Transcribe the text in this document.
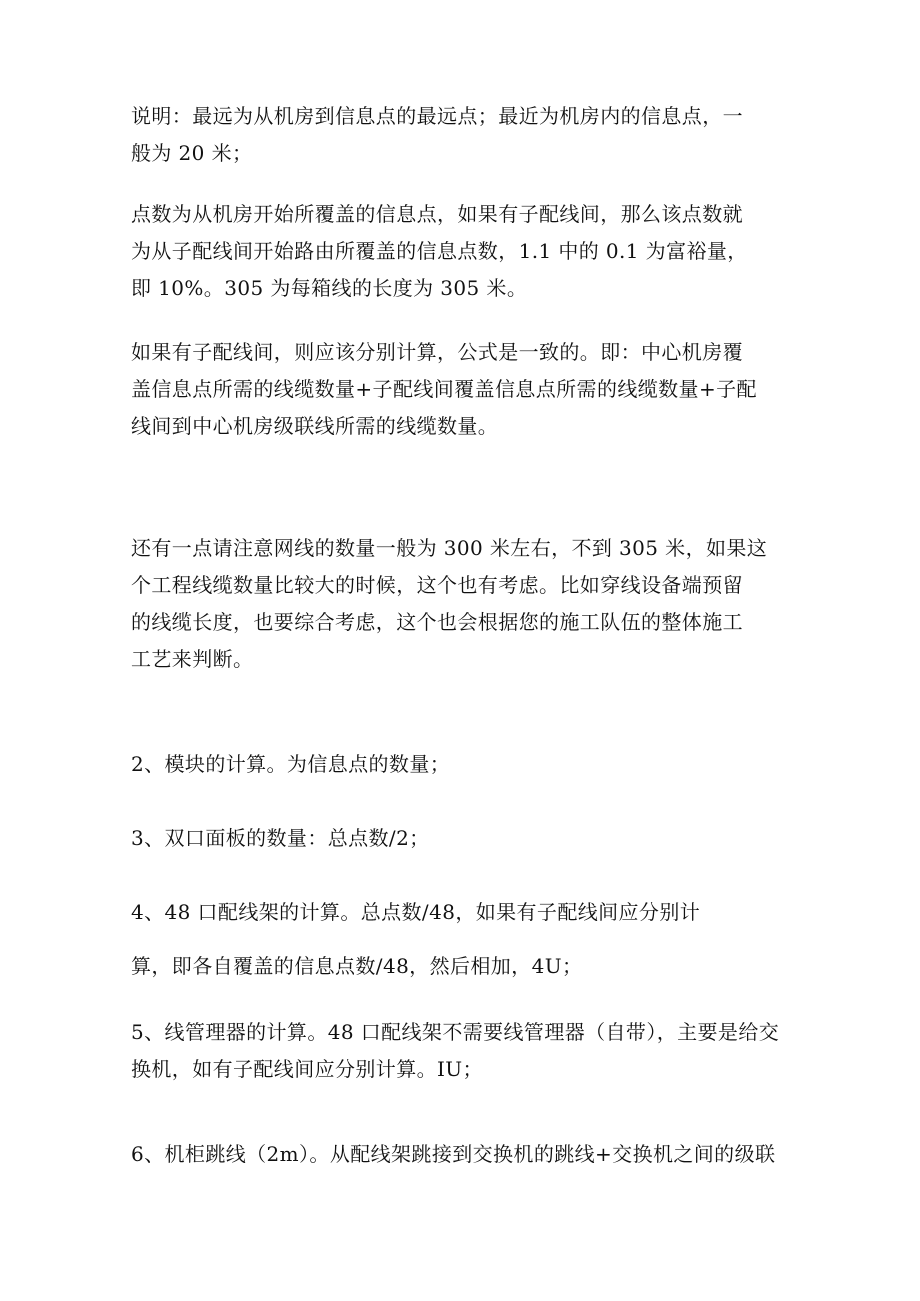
说明：最远为从机房到信息点的最远点；最近为机房内的信息点，一
般为 20 米；

点数为从机房开始所覆盖的信息点，如果有子配线间，那么该点数就
为从子配线间开始路由所覆盖的信息点数，1.1 中的 0.1 为富裕量，
即 10%。305 为每箱线的长度为 305 米。

如果有子配线间，则应该分别计算，公式是一致的。即：中心机房覆
盖信息点所需的线缆数量+子配线间覆盖信息点所需的线缆数量+子配
线间到中心机房级联线所需的线缆数量。

还有一点请注意网线的数量一般为 300 米左右，不到 305 米，如果这
个工程线缆数量比较大的时候，这个也有考虑。比如穿线设备端预留
的线缆长度，也要综合考虑，这个也会根据您的施工队伍的整体施工
工艺来判断。

2、模块的计算。为信息点的数量；

3、双口面板的数量：总点数/2；

4、48 口配线架的计算。总点数/48，如果有子配线间应分别计

算，即各自覆盖的信息点数/48，然后相加，4U；

5、线管理器的计算。48 口配线架不需要线管理器（自带），主要是给交
换机，如有子配线间应分别计算。IU；

6、机柜跳线（2m）。从配线架跳接到交换机的跳线+交换机之间的级联
